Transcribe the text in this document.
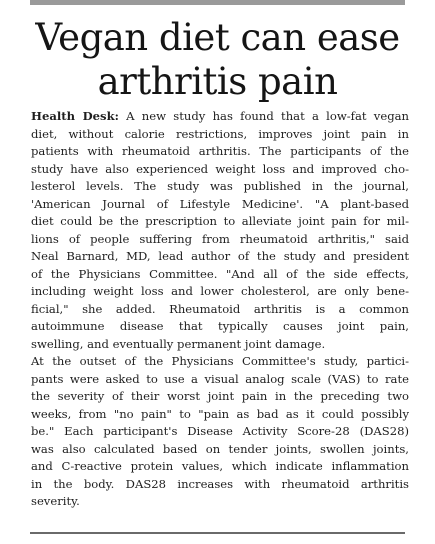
Vegan diet can ease
arthritis pain

Health Desk: A new study has found that a low-fat vegan
diet, without calorie restrictions, improves joint pain in
patients with rheumatoid arthritis. The participants of the
study have also experienced weight loss and improved cho-
lesterol levels. The study was published in the journal,
'American Journal of Lifestyle Medicine'. "A plant-based
diet could be the prescription to alleviate joint pain for mil-
lions of people suffering from rheumatoid arthritis," said
Neal Barnard, MD, lead author of the study and president
of the Physicians Committee. "And all of the side effects,
including weight loss and lower cholesterol, are only bene-
ficial," she added. Rheumatoid arthritis is a common
autoimmune disease that typically causes joint pain,
swelling, and eventually permanent joint damage.

At the outset of the Physicians Committee's study, partici-
pants were asked to use a visual analog scale (VAS) to rate
the severity of their worst joint pain in the preceding two
weeks, from "no pain" to "pain as bad as it could possibly
be." Each participant's Disease Activity Score-28 (DAS28)
was also calculated based on tender joints, swollen joints,
and C-reactive protein values, which indicate inflammation
in the body. DAS28 increases with rheumatoid arthritis
severity.
